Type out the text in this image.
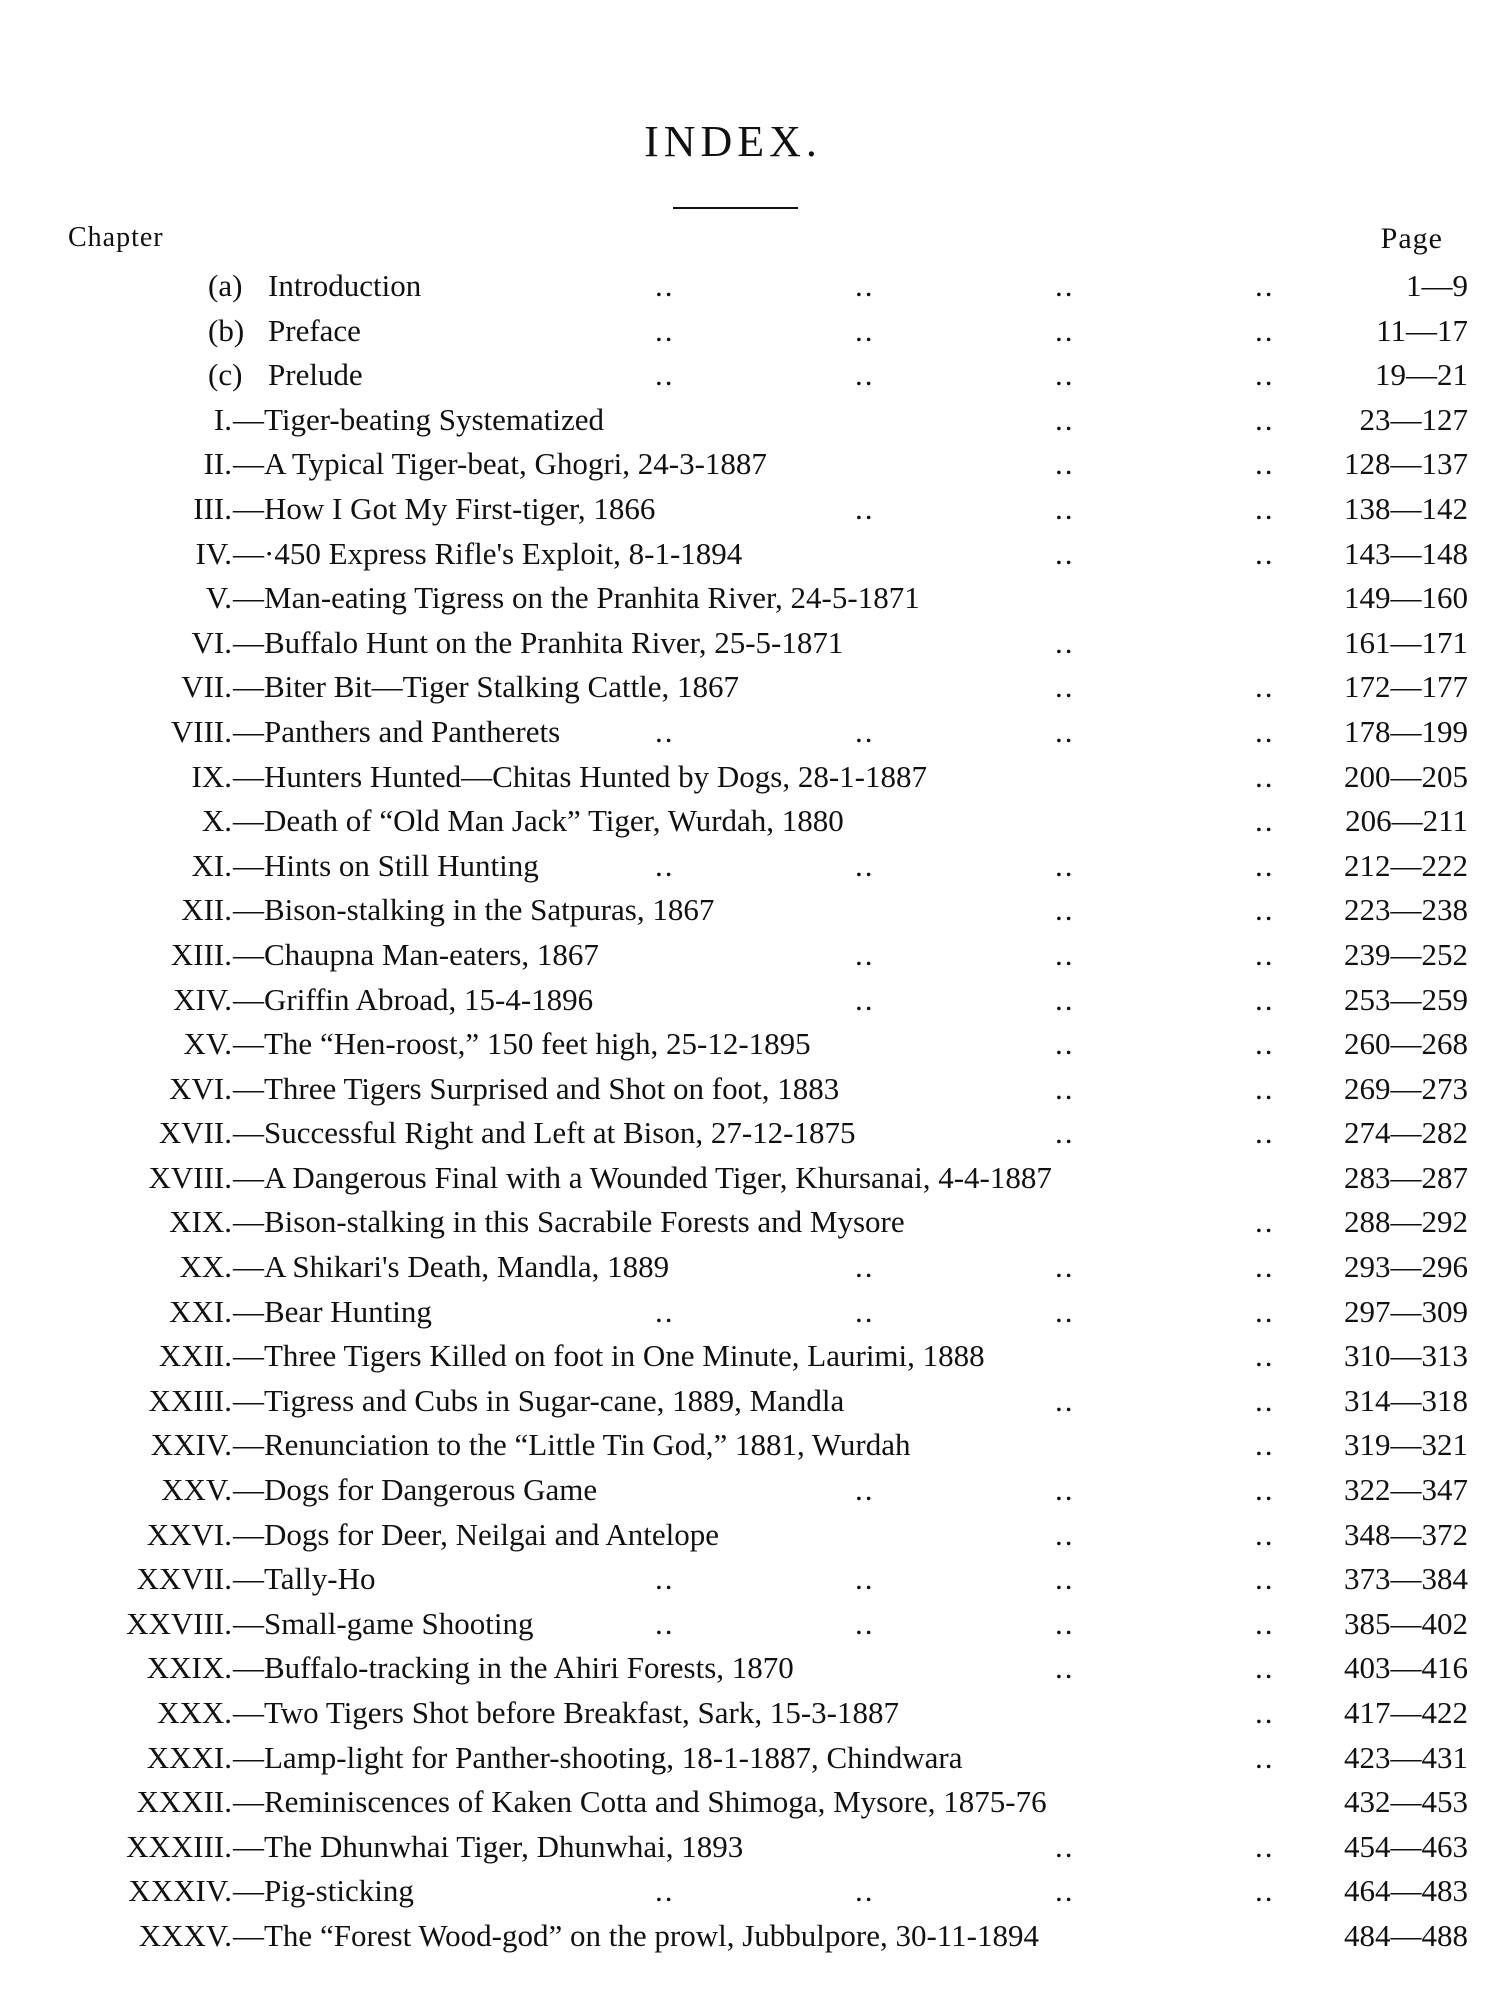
INDEX.
Chapter	Page
(a) Introduction	..	..	..	..	1—9
(b) Preface	..	..	..	..	11—17
(c) Prelude	..	..	..	..	19—21
I. —Tiger-beating Systematized	..	..	23—127
II. —A Typical Tiger-beat, Ghogri, 24-3-1887	..	.. 128—137
III. —How I Got My First-tiger, 1866	..	..	.. 138—142
IV. —·450 Express Rifle's Exploit, 8-1-1894	..	.. 143—148
V. —Man-eating Tigress on the Pranhita River, 24-5-1871	149—160
VI. —Buffalo Hunt on the Pranhita River, 25-5-1871	..	161—171
VII. —Biter Bit—Tiger Stalking Cattle, 1867	..	.. 172—177
VIII. —Panthers and Pantherets	..	..	..	.. 178—199
IX. —Hunters Hunted—Chitas Hunted by Dogs, 28-1-1887	.. 200—205
X. —Death of “Old Man Jack” Tiger, Wurdah, 1880	.. 206—211
XI. —Hints on Still Hunting	..	..	..	.. 212—222
XII. —Bison-stalking in the Satpuras, 1867	..	.. 223—238
XIII. —Chaupna Man-eaters, 1867	..	..	.. 239—252
XIV. —Griffin Abroad, 15-4-1896	..	..	.. 253—259
XV. —The “Hen-roost,” 150 feet high, 25-12-1895	..	.. 260—268
XVI. —Three Tigers Surprised and Shot on foot, 1883	..	.. 269—273
XVII. —Successful Right and Left at Bison, 27-12-1875	..	.. 274—282
XVIII. —A Dangerous Final with a Wounded Tiger, Khursanai, 4-4-1887	283—287
XIX. —Bison-stalking in this Sacrabile Forests and Mysore	.. 288—292
XX. —A Shikari's Death, Mandla, 1889	..	..	.. 293—296
XXI. —Bear Hunting	..	..	..	.. 297—309
XXII. —Three Tigers Killed on foot in One Minute, Laurimi, 1888	.. 310—313
XXIII. —Tigress and Cubs in Sugar-cane, 1889, Mandla	..	.. 314—318
XXIV. —Renunciation to the “Little Tin God,” 1881, Wurdah	.. 319—321
XXV. —Dogs for Dangerous Game	..	..	.. 322—347
XXVI. —Dogs for Deer, Neilgai and Antelope	..	.. 348—372
XXVII. —Tally-Ho	..	..	..	.. 373—384
XXVIII. —Small-game Shooting	..	..	..	.. 385—402
XXIX. —Buffalo-tracking in the Ahiri Forests, 1870	..	.. 403—416
XXX. —Two Tigers Shot before Breakfast, Sark, 15-3-1887	.. 417—422
XXXI. —Lamp-light for Panther-shooting, 18-1-1887, Chindwara	.. 423—431
XXXII. —Reminiscences of Kaken Cotta and Shimoga, Mysore, 1875-76	432—453
XXXIII. —The Dhunwhai Tiger, Dhunwhai, 1893	..	.. 454—463
XXXIV. —Pig-sticking	..	..	..	.. 464—483
XXXV. —The “Forest Wood-god” on the prowl, Jubbulpore, 30-11-1894	484—488
